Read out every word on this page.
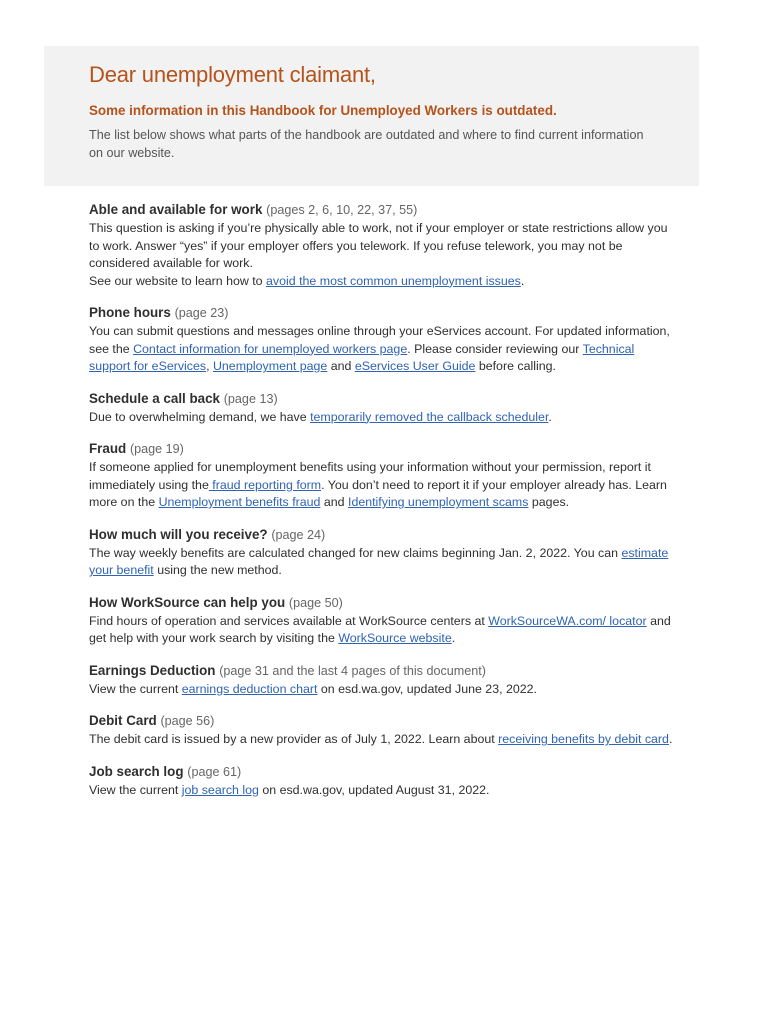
Dear unemployment claimant,

Some information in this Handbook for Unemployed Workers is outdated.

The list below shows what parts of the handbook are outdated and where to find current information on our website.

Able and available for work (pages 2, 6, 10, 22, 37, 55)
This question is asking if you’re physically able to work, not if your employer or state restrictions allow you to work. Answer “yes” if your employer offers you telework. If you refuse telework, you may not be considered available for work.
See our website to learn how to avoid the most common unemployment issues.
Phone hours (page 23)
You can submit questions and messages online through your eServices account. For updated information, see the Contact information for unemployed workers page. Please consider reviewing our Technical support for eServices, Unemployment page and eServices User Guide before calling.
Schedule a call back (page 13)
Due to overwhelming demand, we have temporarily removed the callback scheduler.
Fraud (page 19)
If someone applied for unemployment benefits using your information without your permission, report it immediately using the fraud reporting form. You don’t need to report it if your employer already has. Learn more on the Unemployment benefits fraud and Identifying unemployment scams pages.
How much will you receive? (page 24)
The way weekly benefits are calculated changed for new claims beginning Jan. 2, 2022. You can estimate your benefit using the new method.
How WorkSource can help you (page 50)
Find hours of operation and services available at WorkSource centers at WorkSourceWA.com/ locator and get help with your work search by visiting the WorkSource website.
Earnings Deduction (page 31 and the last 4 pages of this document)
View the current earnings deduction chart on esd.wa.gov, updated June 23, 2022.
Debit Card (page 56)
The debit card is issued by a new provider as of July 1, 2022. Learn about receiving benefits by debit card.
Job search log (page 61)
View the current job search log on esd.wa.gov, updated August 31, 2022.
